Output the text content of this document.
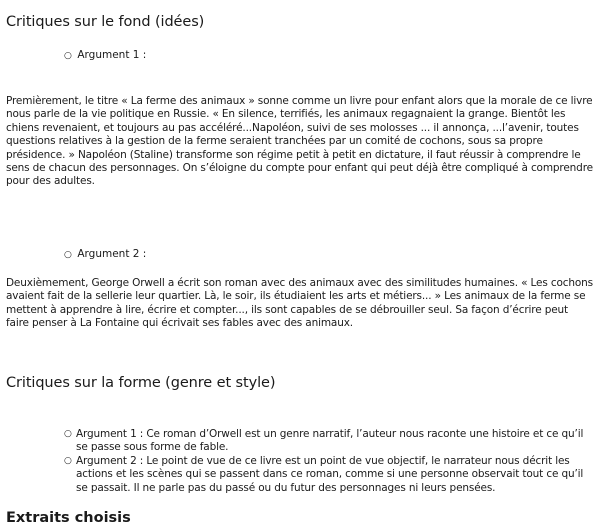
Critiques sur le fond (idées)

○ Argument 1 :

Premièrement, le titre « La ferme des animaux » sonne comme un livre pour enfant alors que la morale de ce livre nous parle de la vie politique en Russie. « En silence, terrifiés, les animaux regagnaient la grange. Bientôt les chiens revenaient, et toujours au pas accéléré...Napoléon, suivi de ses molosses ... il annonça, ...l’avenir, toutes questions relatives à la gestion de la ferme seraient tranchées par un comité de cochons, sous sa propre présidence. » Napoléon (Staline) transforme son régime petit à petit en dictature, il faut réussir à comprendre le sens de chacun des personnages. On s’éloigne du compte pour enfant qui peut déjà être compliqué à comprendre pour des adultes.

○ Argument 2 :

Deuxièmement, George Orwell a écrit son roman avec des animaux avec des similitudes humaines. « Les cochons avaient fait de la sellerie leur quartier. Là, le soir, ils étudiaient les arts et métiers... » Les animaux de la ferme se mettent à apprendre à lire, écrire et compter..., ils sont capables de se débrouiller seul. Sa façon d’écrire peut faire penser à La Fontaine qui écrivait ses fables avec des animaux.

Critiques sur la forme (genre et style)
○ Argument 1 : Ce roman d’Orwell est un genre narratif, l’auteur nous raconte une histoire et ce qu’il se passe sous forme de fable.
○ Argument 2 : Le point de vue de ce livre est un point de vue objectif, le narrateur nous décrit les actions et les scènes qui se passent dans ce roman, comme si une personne observait tout ce qu’il se passait. Il ne parle pas du passé ou du futur des personnages ni leurs pensées.
Extraits choisis
